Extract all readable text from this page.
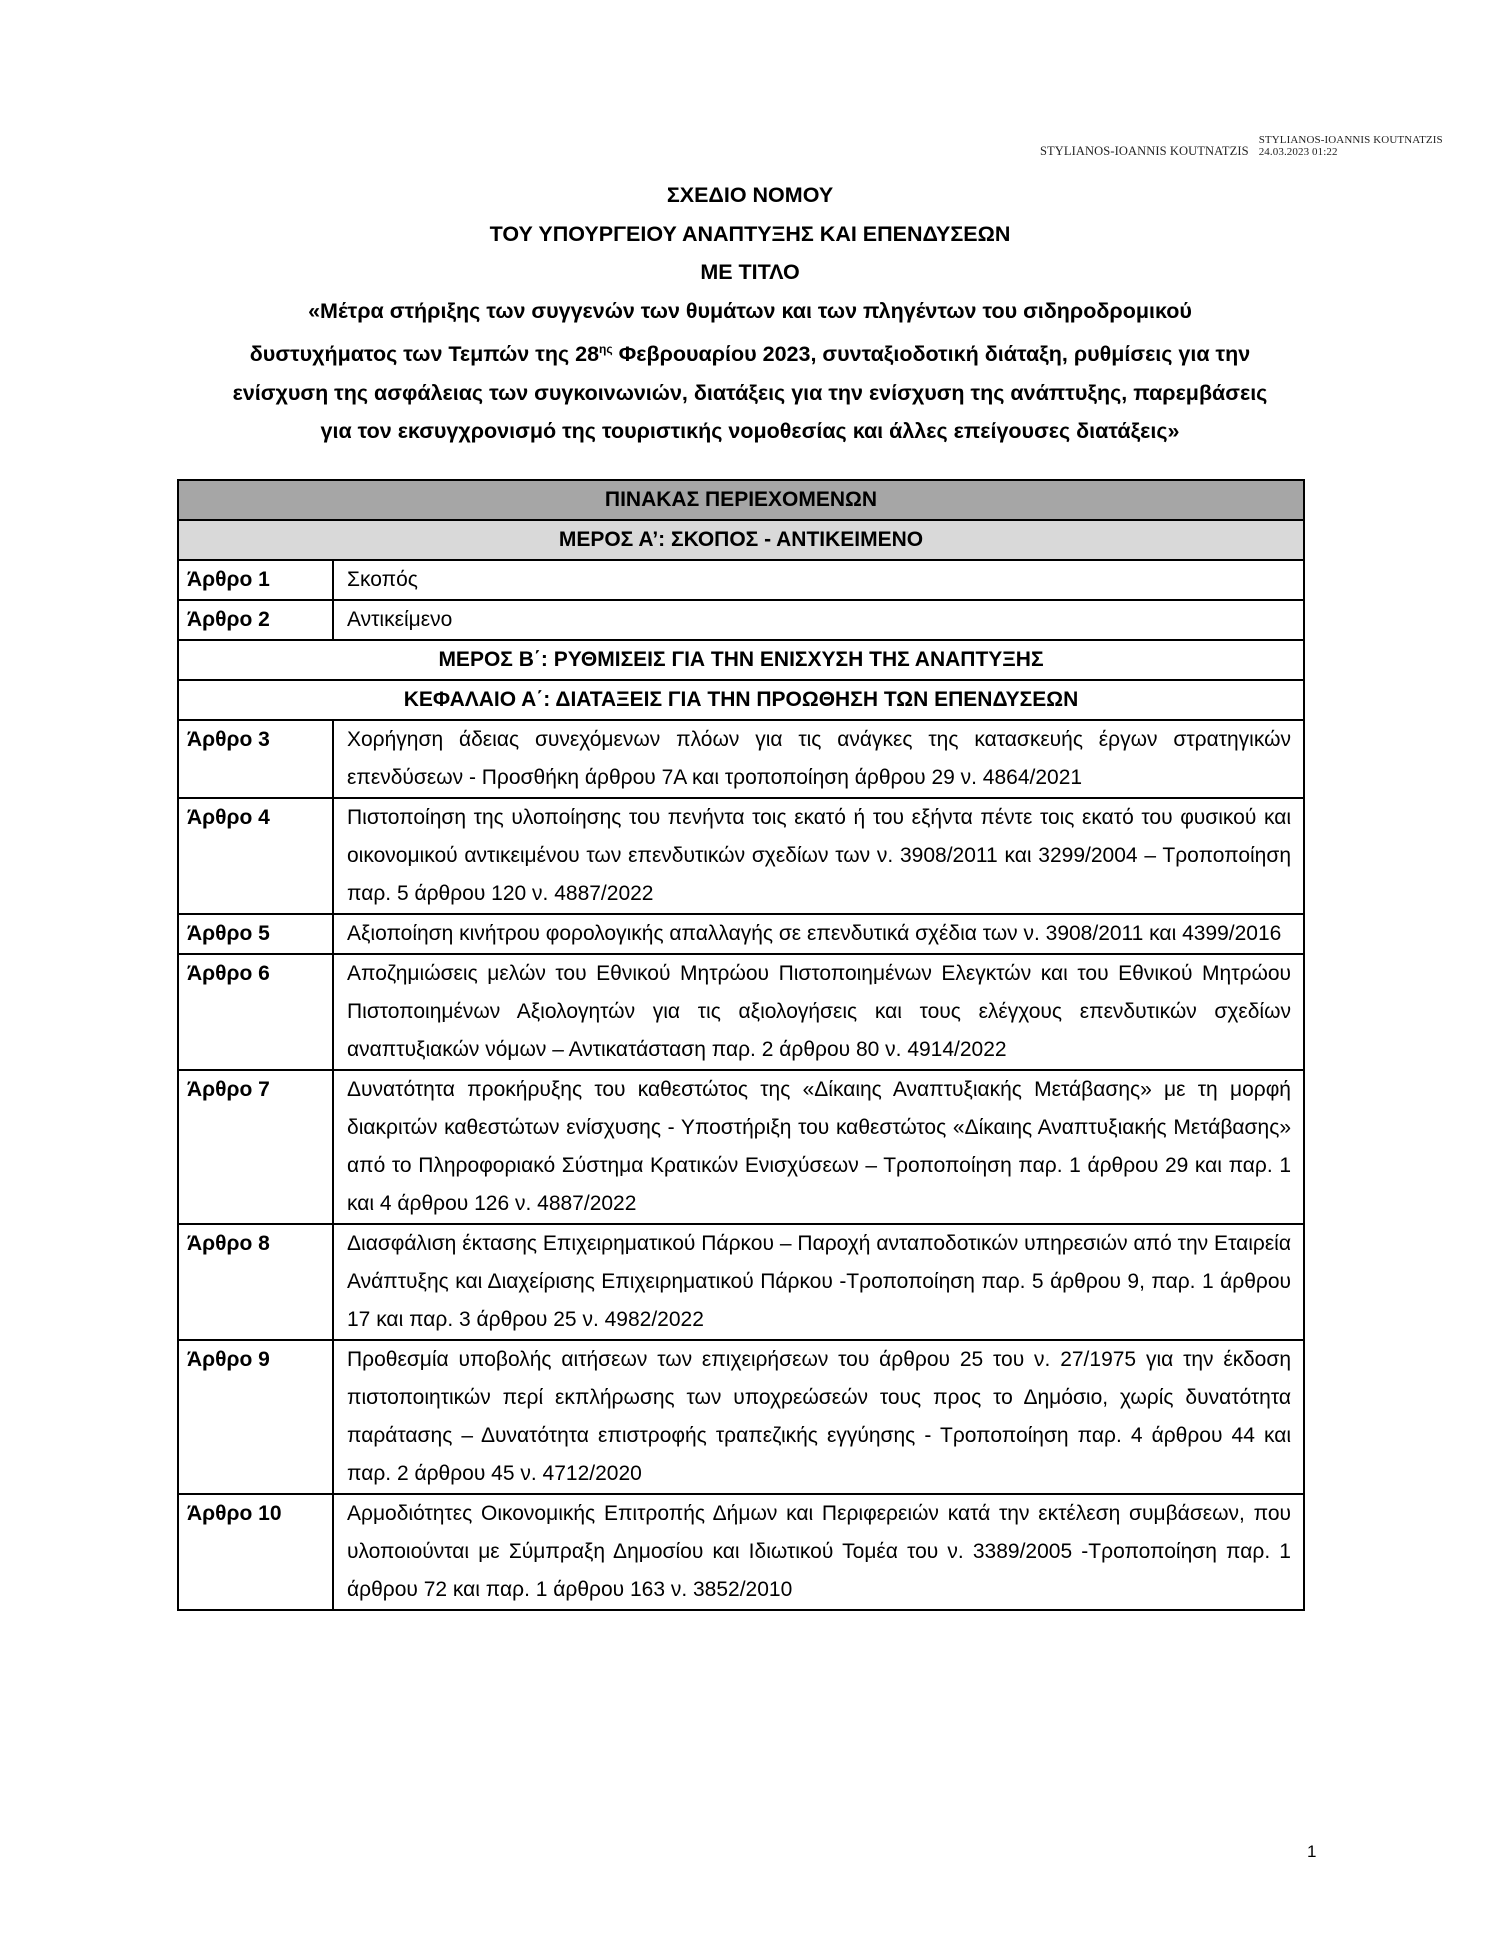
STYLIANOS-IOANNIS KOUTNATZIS
STYLIANOS-IOANNIS KOUTNATZIS
24.03.2023 01:22
ΣΧΕΔΙΟ ΝΟΜΟΥ
ΤΟΥ ΥΠΟΥΡΓΕΙΟΥ ΑΝΑΠΤΥΞΗΣ ΚΑΙ ΕΠΕΝΔΥΣΕΩΝ
ΜΕ ΤΙΤΛΟ
«Μέτρα στήριξης των συγγενών των θυμάτων και των πληγέντων του σιδηροδρομικού
δυστυχήματος των Τεμπών της $28^{\eta\varsigma}$ Φεβρουαρίου 2023, συνταξιοδοτική διάταξη, ρυθμίσεις για την
ενίσχυση της ασφάλειας των συγκοινωνιών, διατάξεις για την ενίσχυση της ανάπτυξης, παρεμβάσεις
για τον εκσυγχρονισμό της τουριστικής νομοθεσίας και άλλες επείγουσες διατάξεις»
ΠΙΝΑΚΑΣ ΠΕΡΙΕΧΟΜΕΝΩΝ	
ΜΕΡΟΣ Α’: ΣΚΟΠΟΣ - ΑΝΤΙΚΕΙΜΕΝΟ	
Άρθρο 1	Σκοπός
Άρθρο 2	Αντικείμενο
ΜΕΡΟΣ Β΄: ΡΥΘΜΙΣΕΙΣ ΓΙΑ ΤΗΝ ΕΝΙΣΧΥΣΗ ΤΗΣ ΑΝΑΠΤΥΞΗΣ	
ΚΕΦΑΛΑΙΟ Α΄: ΔΙΑΤΑΞΕΙΣ ΓΙΑ ΤΗΝ ΠΡΟΩΘΗΣΗ ΤΩΝ ΕΠΕΝΔΥΣΕΩΝ	
Άρθρο 3	Χορήγηση άδειας συνεχόμενων πλόων για τις ανάγκες της κατασκευής έργων στρατηγικών επενδύσεων - Προσθήκη άρθρου 7Α και τροποποίηση άρθρου 29 ν. 4864/2021
Άρθρο 4	Πιστοποίηση της υλοποίησης του πενήντα τοις εκατό ή του εξήντα πέντε τοις εκατό του φυσικού και οικονομικού αντικειμένου των επενδυτικών σχεδίων των ν. 3908/2011 και 3299/2004 – Τροποποίηση παρ. 5 άρθρου 120 ν. 4887/2022
Άρθρο 5	Αξιοποίηση κινήτρου φορολογικής απαλλαγής σε επενδυτικά σχέδια των ν. 3908/2011 και 4399/2016
Άρθρο 6	Αποζημιώσεις μελών του Εθνικού Μητρώου Πιστοποιημένων Ελεγκτών και του Εθνικού Μητρώου Πιστοποιημένων Αξιολογητών για τις αξιολογήσεις και τους ελέγχους επενδυτικών σχεδίων αναπτυξιακών νόμων – Αντικατάσταση παρ. 2 άρθρου 80 ν. 4914/2022
Άρθρο 7	Δυνατότητα προκήρυξης του καθεστώτος της «Δίκαιης Αναπτυξιακής Μετάβασης» με τη μορφή διακριτών καθεστώτων ενίσχυσης - Υποστήριξη του καθεστώτος «Δίκαιης Αναπτυξιακής Μετάβασης» από το Πληροφοριακό Σύστημα Κρατικών Ενισχύσεων – Τροποποίηση παρ. 1 άρθρου 29 και παρ. 1 και 4 άρθρου 126 ν. 4887/2022
Άρθρο 8	Διασφάλιση έκτασης Επιχειρηματικού Πάρκου – Παροχή ανταποδοτικών υπηρεσιών από την Εταιρεία Ανάπτυξης και Διαχείρισης Επιχειρηματικού Πάρκου -Τροποποίηση παρ. 5 άρθρου 9, παρ. 1 άρθρου 17 και παρ. 3 άρθρου 25 ν. 4982/2022
Άρθρο 9	Προθεσμία υποβολής αιτήσεων των επιχειρήσεων του άρθρου 25 του ν. 27/1975 για την έκδοση πιστοποιητικών περί εκπλήρωσης των υποχρεώσεών τους προς το Δημόσιο, χωρίς δυνατότητα παράτασης – Δυνατότητα επιστροφής τραπεζικής εγγύησης - Τροποποίηση παρ. 4 άρθρου 44 και παρ. 2 άρθρου 45 ν. 4712/2020
Άρθρο 10	Αρμοδιότητες Οικονομικής Επιτροπής Δήμων και Περιφερειών κατά την εκτέλεση συμβάσεων, που υλοποιούνται με Σύμπραξη Δημοσίου και Ιδιωτικού Τομέα του ν. 3389/2005 -Τροποποίηση παρ. 1 άρθρου 72 και παρ. 1 άρθρου 163 ν. 3852/2010
1
